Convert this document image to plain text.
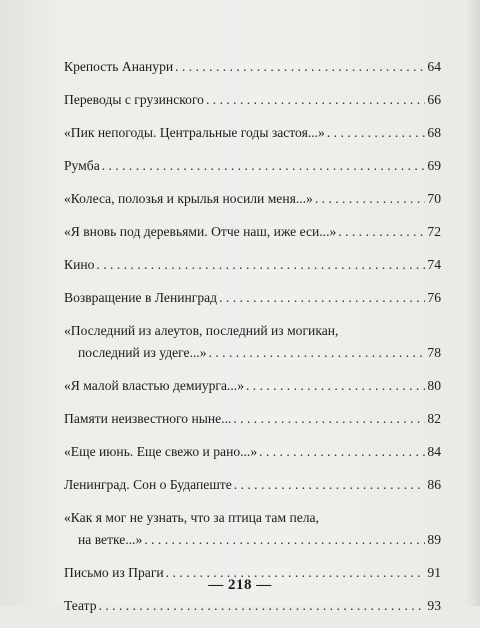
Крепость Ананури . . .	64
Переводы с грузинского . . .	66
«Пик непогоды. Центральные годы застоя...» . . .	68
Румба . . .	69
«Колеса, полозья и крылья носили меня...» . . .	70
«Я вновь под деревьями. Отче наш, иже еси...» . . .	72
Кино . . .	74
Возвращение в Ленинград . . .	76
«Последний из алеутов, последний из могикан,
последний из удеге...» . . .	78
«Я малой властью демиурга...» . . .	80
Памяти неизвестного ныне... . . .	82
«Еще июнь. Еще свежо и рано...» . . .	84
Ленинград. Сон о Будапеште . . .	86
«Как я мог не узнать, что за птица там пела,
на ветке...» . . .	89
Письмо из Праги . . .	91
Театр . . .	93
— 218 —
